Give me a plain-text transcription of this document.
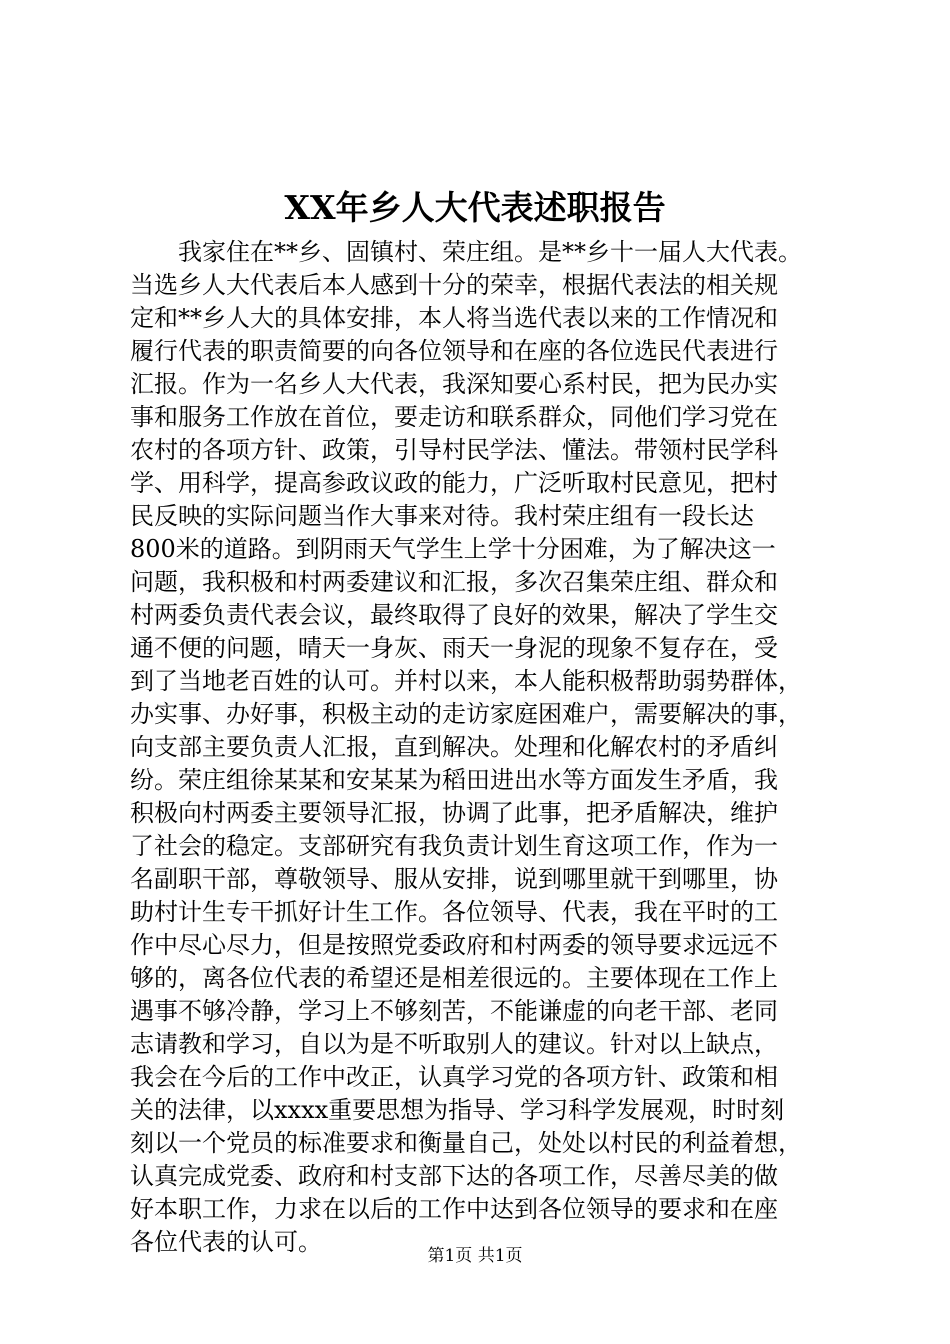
XX年乡人大代表述职报告
我家住在**乡、固镇村、荣庄组。是**乡十一届人大代表。
当选乡人大代表后本人感到十分的荣幸，根据代表法的相关规
定和**乡人大的具体安排，本人将当选代表以来的工作情况和
履行代表的职责简要的向各位领导和在座的各位选民代表进行
汇报。作为一名乡人大代表，我深知要心系村民，把为民办实
事和服务工作放在首位，要走访和联系群众，同他们学习党在
农村的各项方针、政策，引导村民学法、懂法。带领村民学科
学、用科学，提高参政议政的能力，广泛听取村民意见，把村
民反映的实际问题当作大事来对待。我村荣庄组有一段长达
800米的道路。到阴雨天气学生上学十分困难，为了解决这一
问题，我积极和村两委建议和汇报，多次召集荣庄组、群众和
村两委负责代表会议，最终取得了良好的效果，解决了学生交
通不便的问题，晴天一身灰、雨天一身泥的现象不复存在，受
到了当地老百姓的认可。并村以来，本人能积极帮助弱势群体，
办实事、办好事，积极主动的走访家庭困难户，需要解决的事，
向支部主要负责人汇报，直到解决。处理和化解农村的矛盾纠
纷。荣庄组徐某某和安某某为稻田进出水等方面发生矛盾，我
积极向村两委主要领导汇报，协调了此事，把矛盾解决，维护
了社会的稳定。支部研究有我负责计划生育这项工作，作为一
名副职干部，尊敬领导、服从安排，说到哪里就干到哪里，协
助村计生专干抓好计生工作。各位领导、代表，我在平时的工
作中尽心尽力，但是按照党委政府和村两委的领导要求远远不
够的，离各位代表的希望还是相差很远的。主要体现在工作上
遇事不够冷静，学习上不够刻苦，不能谦虚的向老干部、老同
志请教和学习，自以为是不听取别人的建议。针对以上缺点，
我会在今后的工作中改正，认真学习党的各项方针、政策和相
关的法律，以xxxx重要思想为指导、学习科学发展观，时时刻
刻以一个党员的标准要求和衡量自己，处处以村民的利益着想，
认真完成党委、政府和村支部下达的各项工作，尽善尽美的做
好本职工作，力求在以后的工作中达到各位领导的要求和在座
各位代表的认可。	第1页 共1页
